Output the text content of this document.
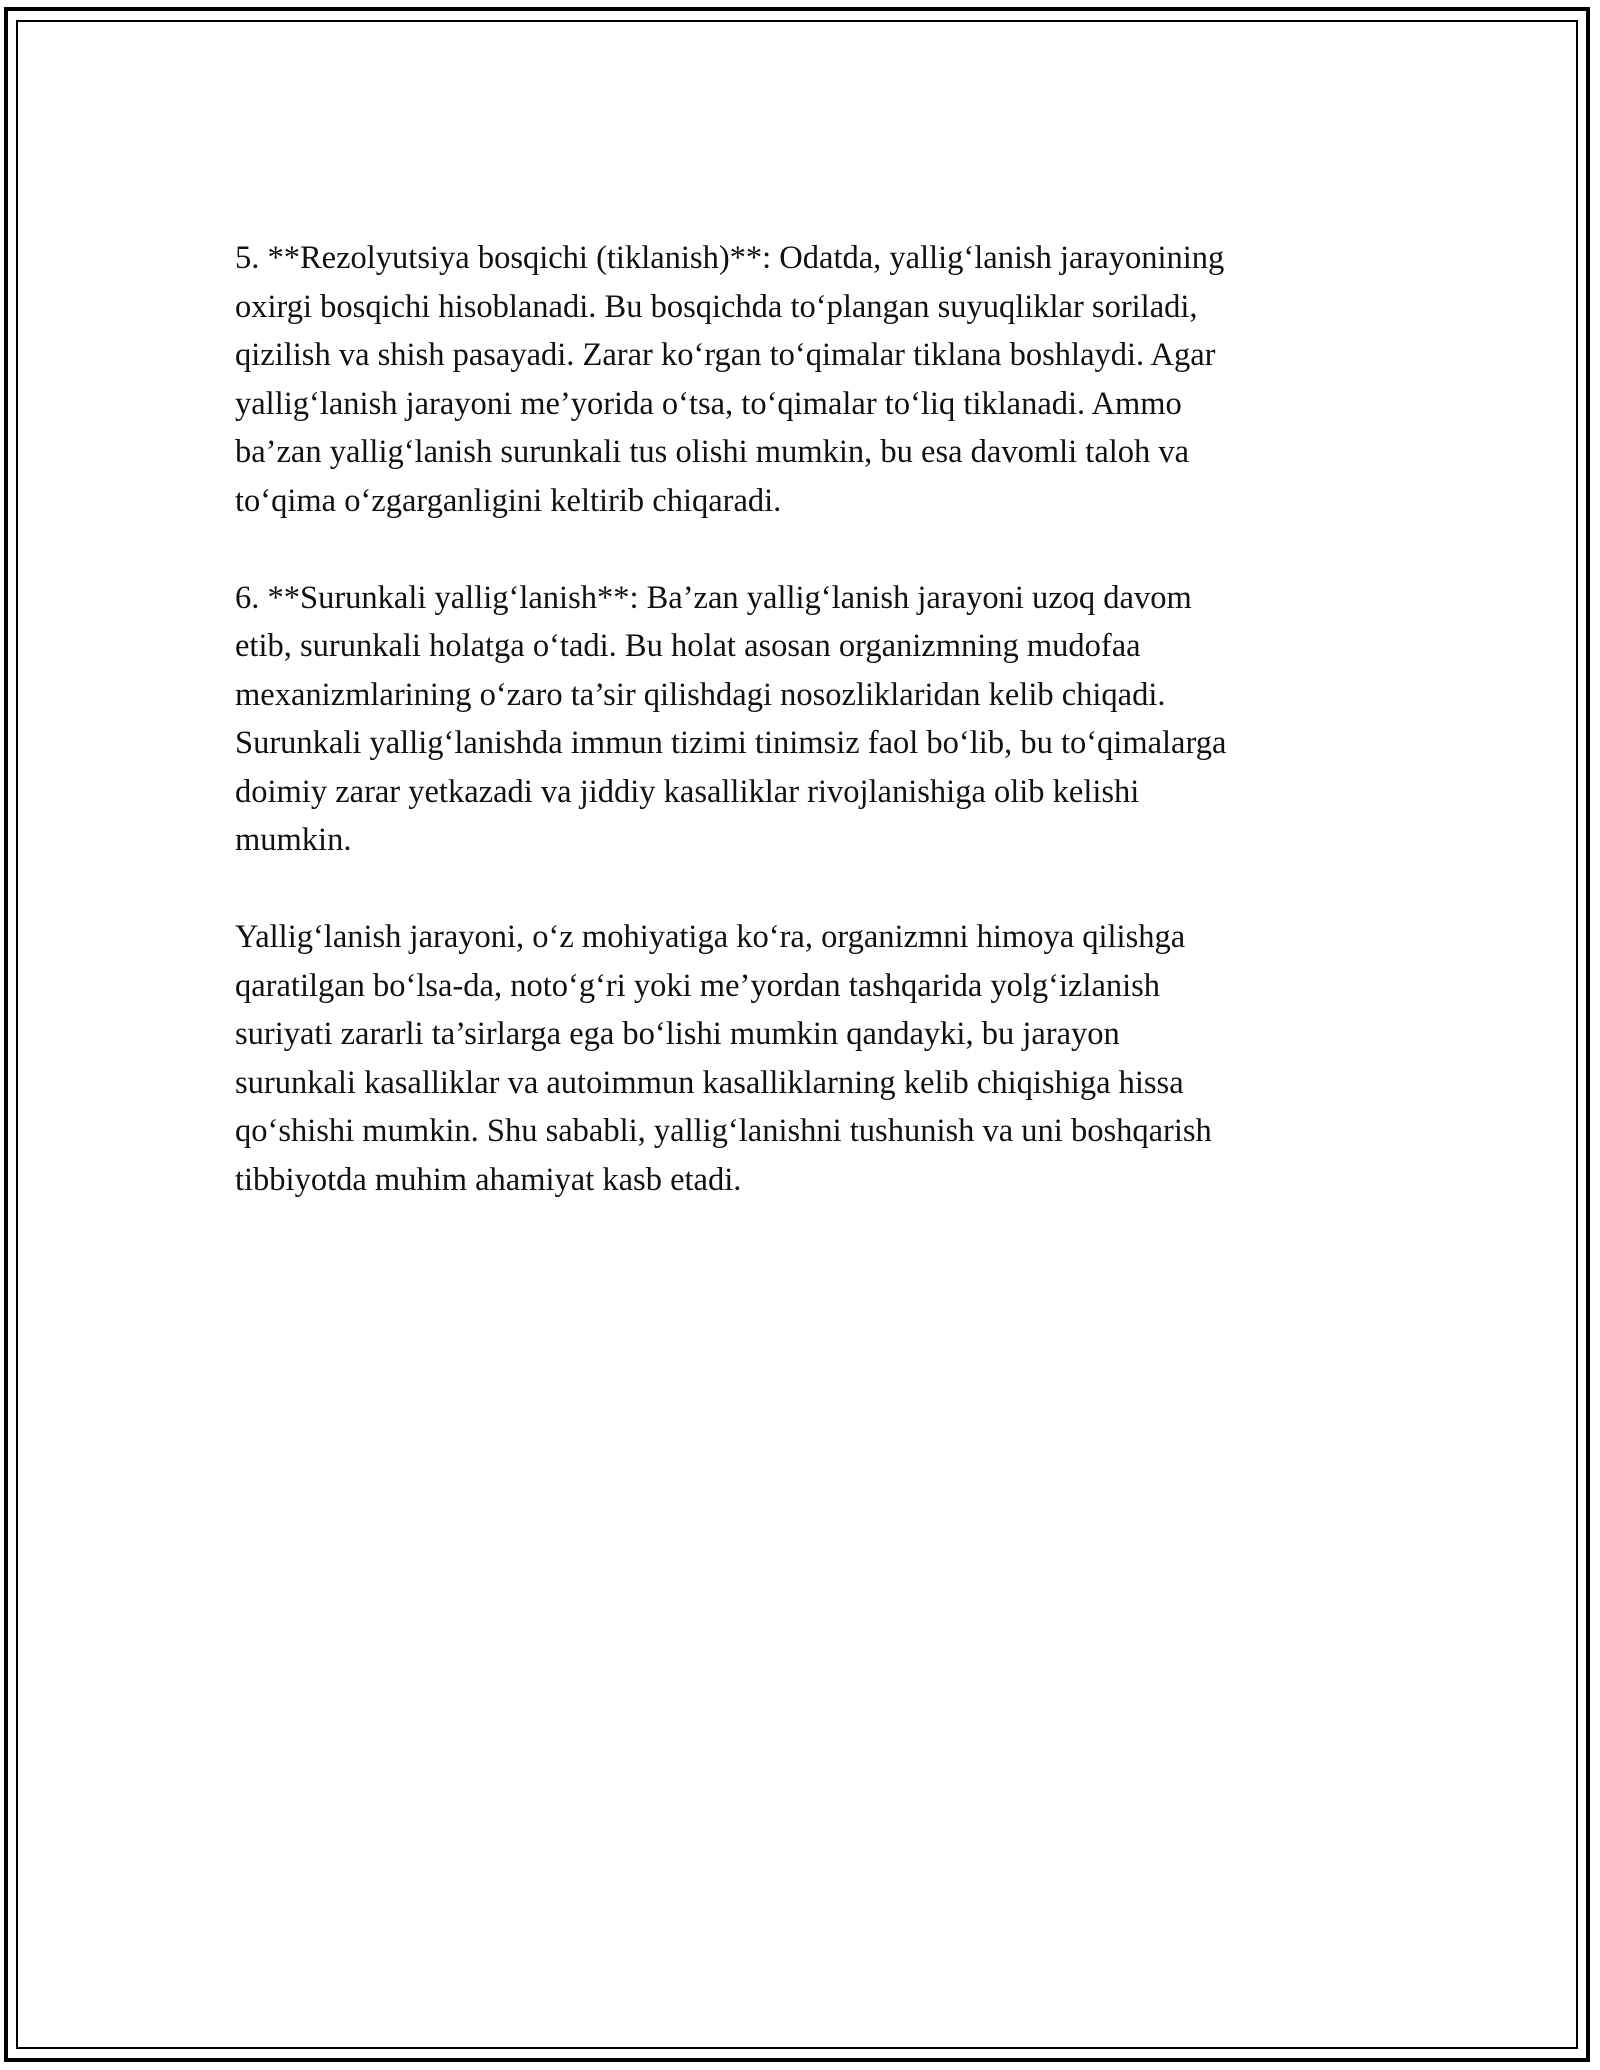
5. **Rezolyutsiya bosqichi (tiklanish)**: Odatda, yallig‘lanish jarayonining
oxirgi bosqichi hisoblanadi. Bu bosqichda to‘plangan suyuqliklar soriladi,
qizilish va shish pasayadi. Zarar ko‘rgan to‘qimalar tiklana boshlaydi. Agar
yallig‘lanish jarayoni me’yorida o‘tsa, to‘qimalar to‘liq tiklanadi. Ammo
ba’zan yallig‘lanish surunkali tus olishi mumkin, bu esa davomli taloh va
to‘qima o‘zgarganligini keltirib chiqaradi.

6. **Surunkali yallig‘lanish**: Ba’zan yallig‘lanish jarayoni uzoq davom
etib, surunkali holatga o‘tadi. Bu holat asosan organizmning mudofaa
mexanizmlarining o‘zaro ta’sir qilishdagi nosozliklaridan kelib chiqadi.
Surunkali yallig‘lanishda immun tizimi tinimsiz faol bo‘lib, bu to‘qimalarga
doimiy zarar yetkazadi va jiddiy kasalliklar rivojlanishiga olib kelishi
mumkin.

Yallig‘lanish jarayoni, o‘z mohiyatiga ko‘ra, organizmni himoya qilishga
qaratilgan bo‘lsa-da, noto‘g‘ri yoki me’yordan tashqarida yolg‘izlanish
suriyati zararli ta’sirlarga ega bo‘lishi mumkin qandayki, bu jarayon
surunkali kasalliklar va autoimmun kasalliklarning kelib chiqishiga hissa
qo‘shishi mumkin. Shu sababli, yallig‘lanishni tushunish va uni boshqarish
tibbiyotda muhim ahamiyat kasb etadi.
